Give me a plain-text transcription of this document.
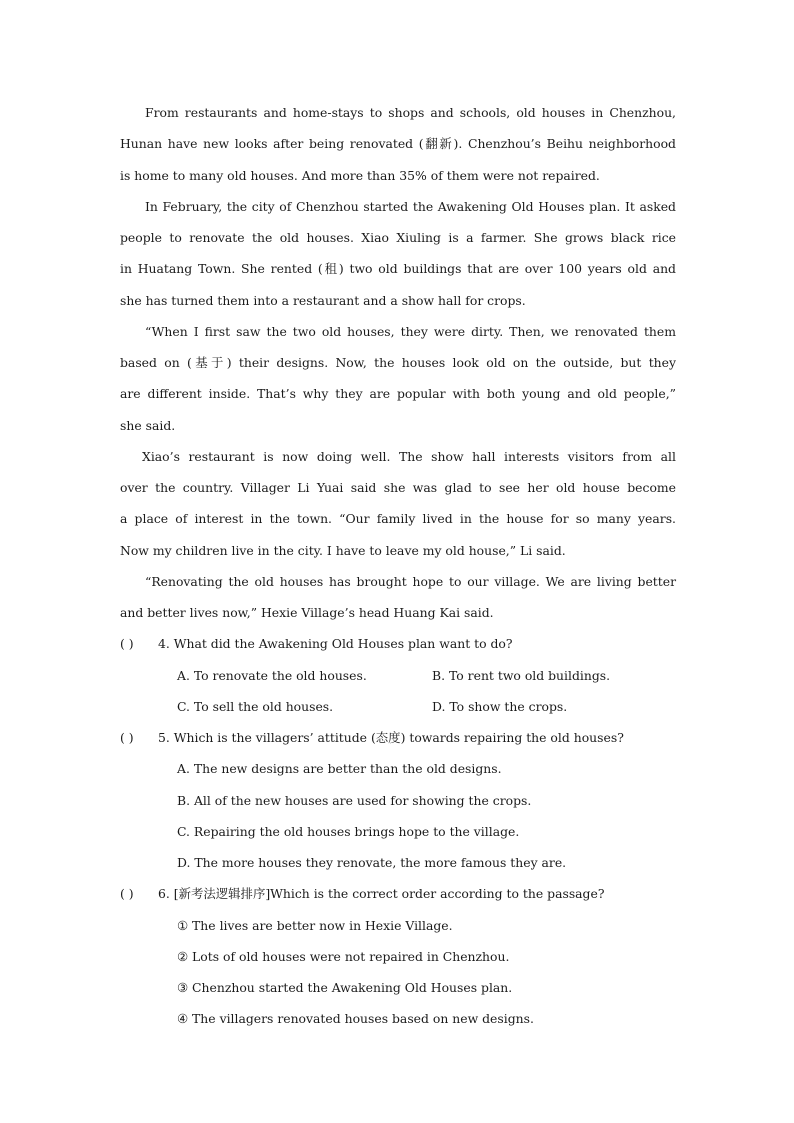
From restaurants and home-stays to shops and schools, old houses in Chenzhou,
Hunan have new looks after being renovated (翻新). Chenzhou’s Beihu neighborhood
is home to many old houses. And more than 35% of them were not repaired.
In February, the city of Chenzhou started the Awakening Old Houses plan. It asked
people to renovate the old houses. Xiao Xiuling is a farmer. She grows black rice
in Huatang Town. She rented (租) two old buildings that are over 100 years old and
she has turned them into a restaurant and a show hall for crops.
“When I first saw the two old houses, they were dirty. Then, we renovated them
based on (基于) their designs. Now, the houses look old on the outside, but they
are different inside. That’s why they are popular with both young and old people,”
she said.
Xiao’s restaurant is now doing well. The show hall interests visitors from all
over the country. Villager Li Yuai said she was glad to see her old house become
a place of interest in the town. “Our family lived in the house for so many years.
Now my children live in the city. I have to leave my old house,” Li said.
“Renovating the old houses has brought hope to our village. We are living better
and better lives now,” Hexie Village’s head Huang Kai said.
( )	4. What did the Awakening Old Houses plan want to do?
A. To renovate the old houses.	B. To rent two old buildings.
C. To sell the old houses.	D. To show the crops.
( )	5. Which is the villagers’ attitude (态度) towards repairing the old houses?
A. The new designs are better than the old designs.
B. All of the new houses are used for showing the crops.
C. Repairing the old houses brings hope to the village.
D. The more houses they renovate, the more famous they are.
( )	6. [新考法逻辑排序]Which is the correct order according to the passage?
① The lives are better now in Hexie Village.
② Lots of old houses were not repaired in Chenzhou.
③ Chenzhou started the Awakening Old Houses plan.
④ The villagers renovated houses based on new designs.
